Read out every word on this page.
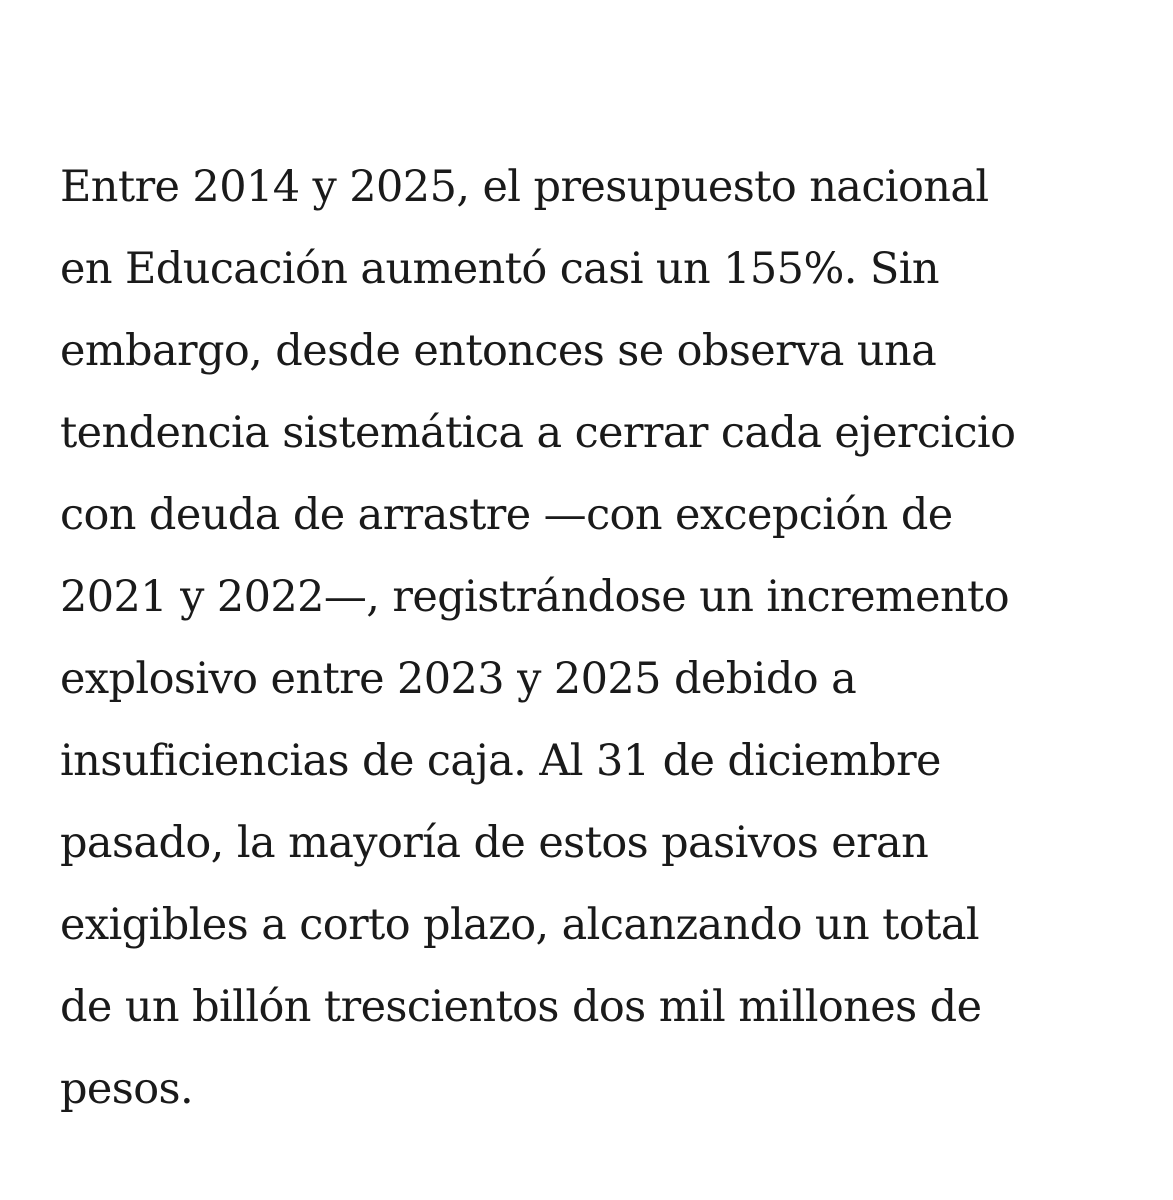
Entre 2014 y 2025, el presupuesto nacional
en Educación aumentó casi un 155%. Sin
embargo, desde entonces se observa una
tendencia sistemática a cerrar cada ejercicio
con deuda de arrastre —con excepción de
2021 y 2022—, registrándose un incremento
explosivo entre 2023 y 2025 debido a
insuficiencias de caja. Al 31 de diciembre
pasado, la mayoría de estos pasivos eran
exigibles a corto plazo, alcanzando un total
de un billón trescientos dos mil millones de
pesos.
